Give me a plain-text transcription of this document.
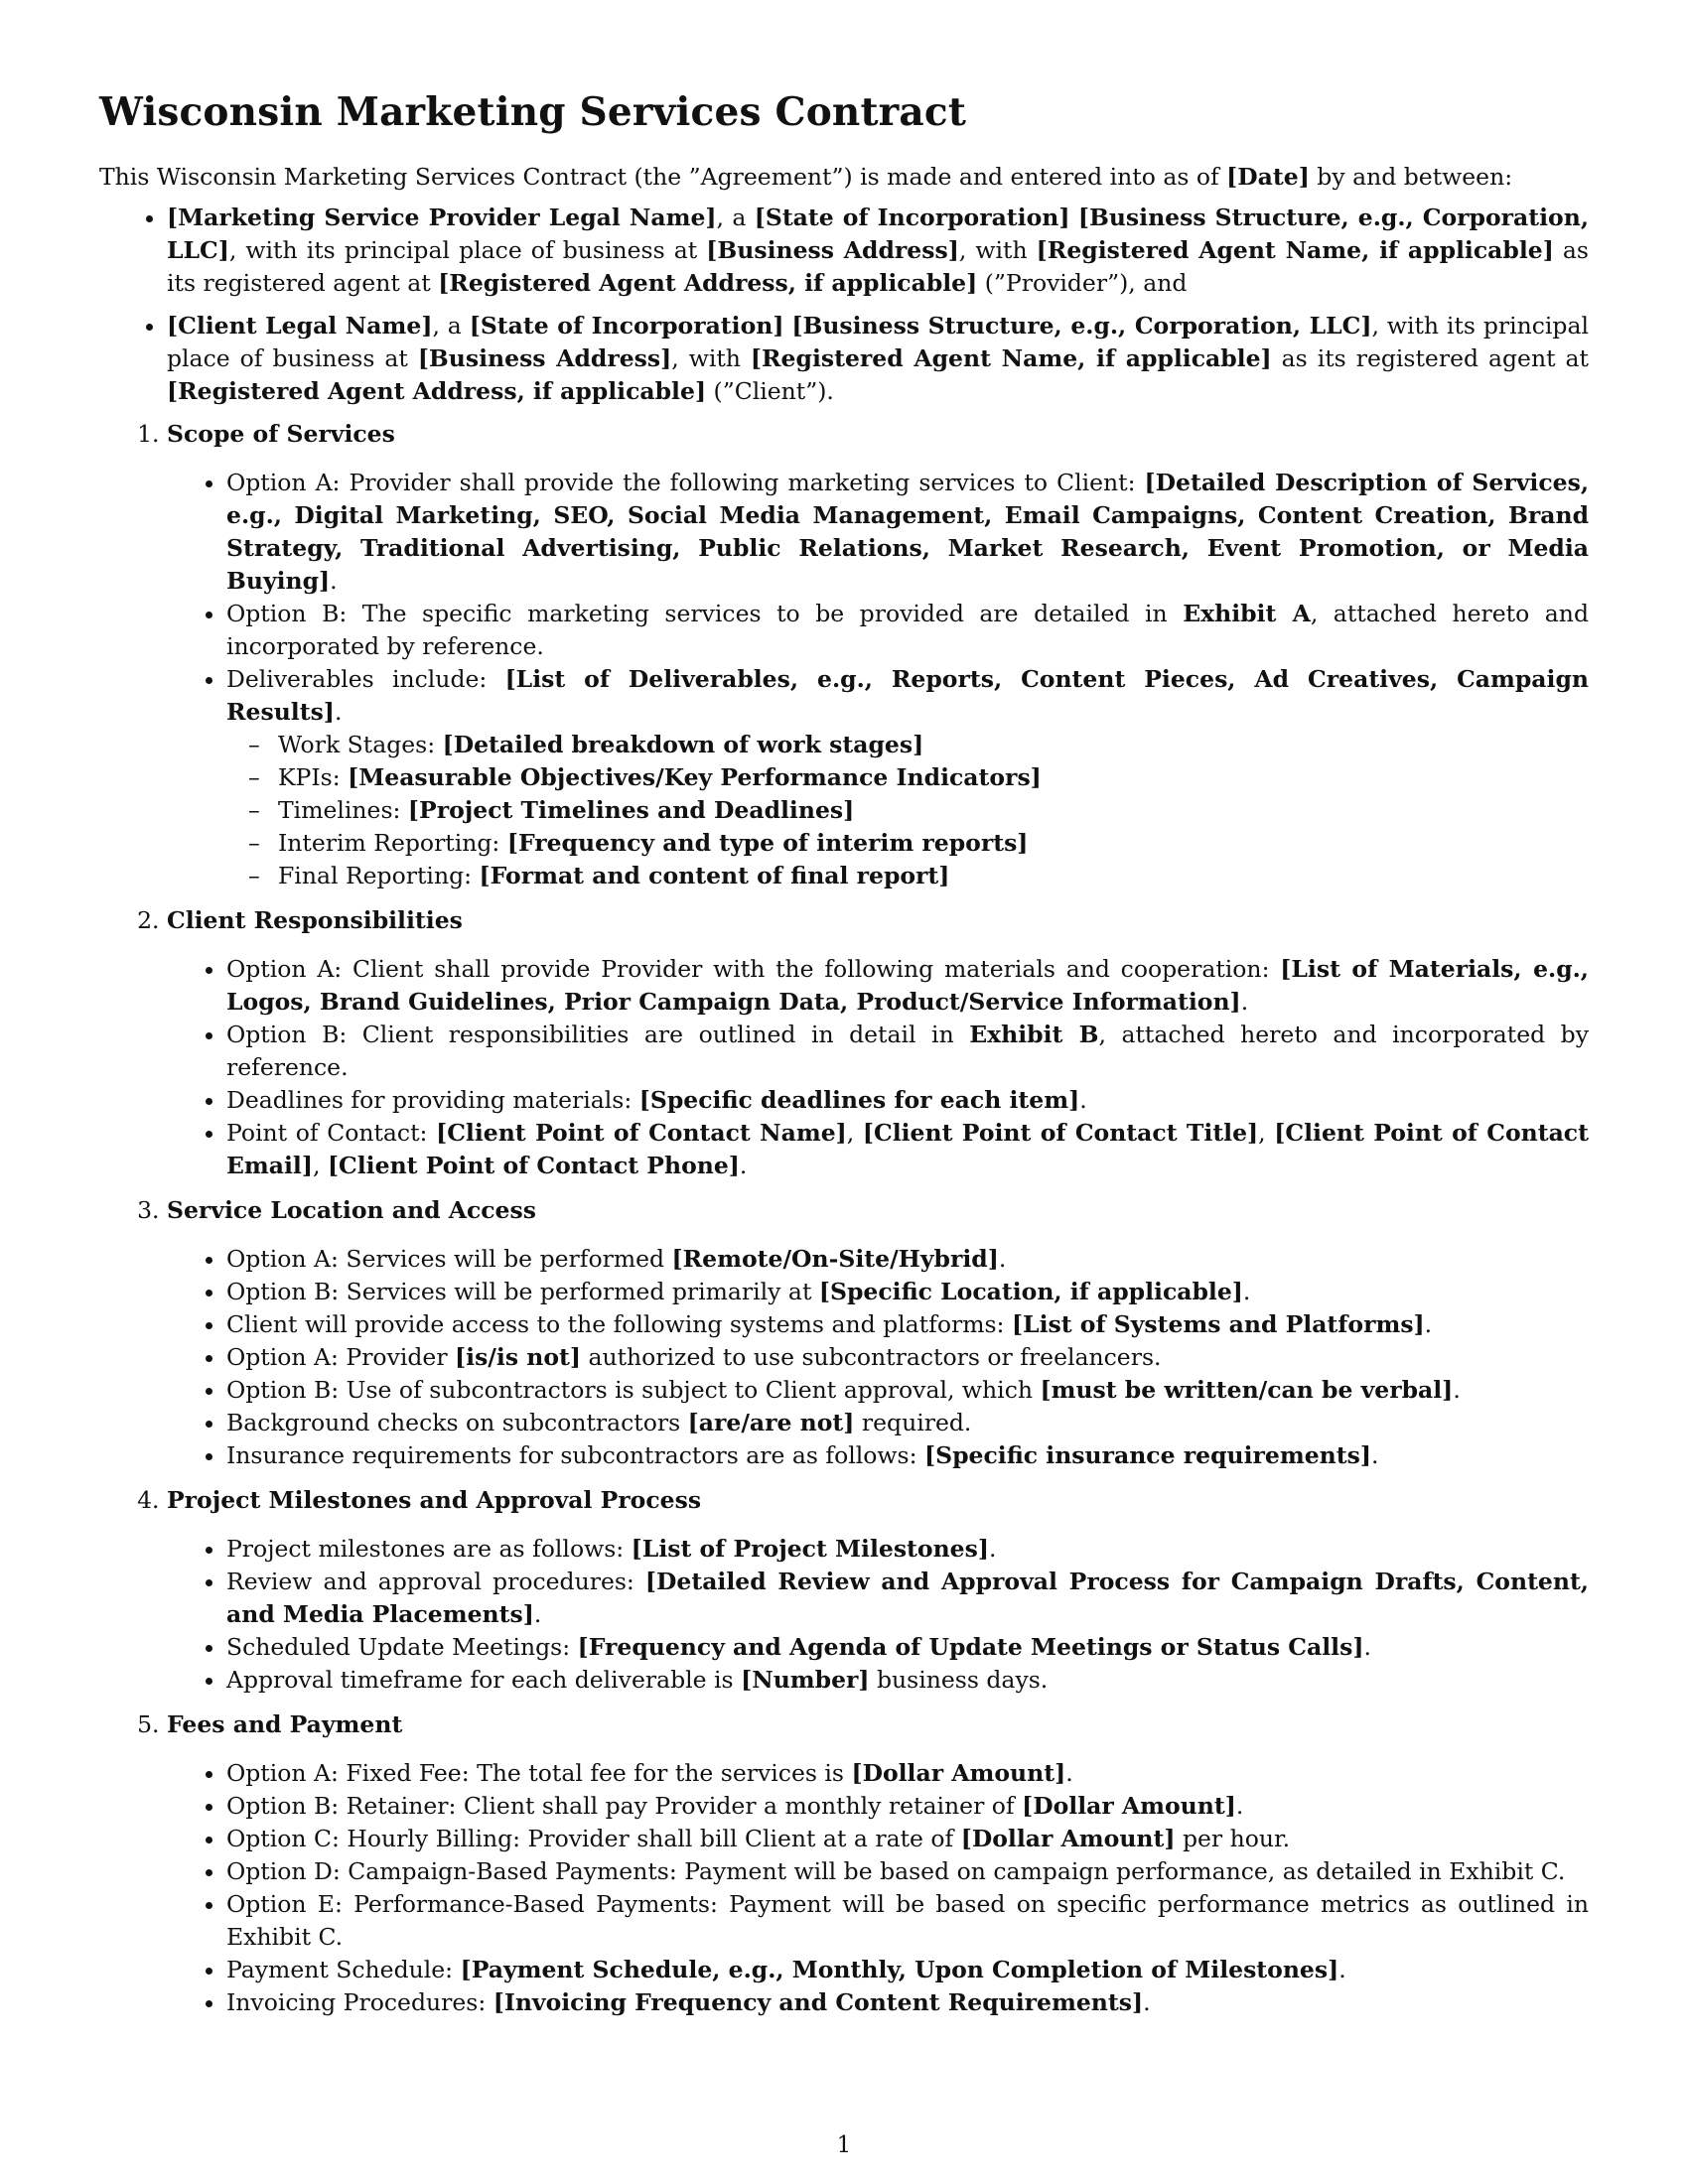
Wisconsin Marketing Services Contract

This Wisconsin Marketing Services Contract (the ”Agreement”) is made and entered into as of [Date] by and between:

• [Marketing Service Provider Legal Name], a [State of Incorporation] [Business Structure, e.g., Corporation, LLC], with its principal place of business at [Business Address], with [Registered Agent Name, if applicable] as its registered agent at [Registered Agent Address, if applicable] (”Provider”), and
• [Client Legal Name], a [State of Incorporation] [Business Structure, e.g., Corporation, LLC], with its principal place of business at [Business Address], with [Registered Agent Name, if applicable] as its registered agent at [Registered Agent Address, if applicable] (”Client”).
1. Scope of Services
• Option A: Provider shall provide the following marketing services to Client: [Detailed Description of Services, e.g., Digital Marketing, SEO, Social Media Management, Email Campaigns, Content Creation, Brand Strategy, Traditional Advertising, Public Relations, Market Research, Event Promotion, or Media Buying].
• Option B: The specific marketing services to be provided are detailed in Exhibit A, attached hereto and incorporated by reference.
• Deliverables include: [List of Deliverables, e.g., Reports, Content Pieces, Ad Creatives, Campaign Results].
– Work Stages: [Detailed breakdown of work stages]
– KPIs: [Measurable Objectives/Key Performance Indicators]
– Timelines: [Project Timelines and Deadlines]
– Interim Reporting: [Frequency and type of interim reports]
– Final Reporting: [Format and content of final report]
2. Client Responsibilities
• Option A: Client shall provide Provider with the following materials and cooperation: [List of Materials, e.g., Logos, Brand Guidelines, Prior Campaign Data, Product/Service Information].
• Option B: Client responsibilities are outlined in detail in Exhibit B, attached hereto and incorporated by reference.
• Deadlines for providing materials: [Specific deadlines for each item].
• Point of Contact: [Client Point of Contact Name], [Client Point of Contact Title], [Client Point of Contact Email], [Client Point of Contact Phone].
3. Service Location and Access
• Option A: Services will be performed [Remote/On-Site/Hybrid].
• Option B: Services will be performed primarily at [Specific Location, if applicable].
• Client will provide access to the following systems and platforms: [List of Systems and Platforms].
• Option A: Provider [is/is not] authorized to use subcontractors or freelancers.
• Option B: Use of subcontractors is subject to Client approval, which [must be written/can be verbal].
• Background checks on subcontractors [are/are not] required.
• Insurance requirements for subcontractors are as follows: [Specific insurance requirements].
4. Project Milestones and Approval Process
• Project milestones are as follows: [List of Project Milestones].
• Review and approval procedures: [Detailed Review and Approval Process for Campaign Drafts, Content, and Media Placements].
• Scheduled Update Meetings: [Frequency and Agenda of Update Meetings or Status Calls].
• Approval timeframe for each deliverable is [Number] business days.
5. Fees and Payment
• Option A: Fixed Fee: The total fee for the services is [Dollar Amount].
• Option B: Retainer: Client shall pay Provider a monthly retainer of [Dollar Amount].
• Option C: Hourly Billing: Provider shall bill Client at a rate of [Dollar Amount] per hour.
• Option D: Campaign-Based Payments: Payment will be based on campaign performance, as detailed in Exhibit C.
• Option E: Performance-Based Payments: Payment will be based on specific performance metrics as outlined in Exhibit C.
• Payment Schedule: [Payment Schedule, e.g., Monthly, Upon Completion of Milestones].
• Invoicing Procedures: [Invoicing Frequency and Content Requirements].
1
